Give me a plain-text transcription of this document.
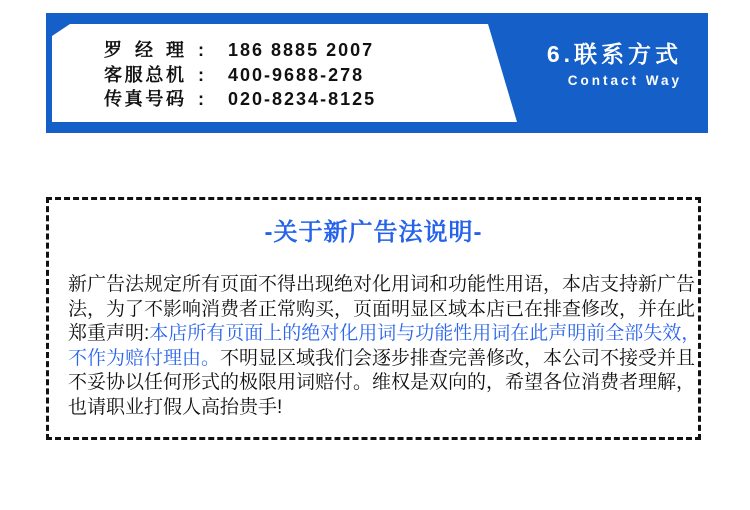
罗经理 : 186 8885 2007
客服总机 : 400-9688-278
传真号码 : 020-8234-8125
6.联系方式
Contact Way
-关于新广告法说明-
新广告法规定所有页面不得出现绝对化用词和功能性用语，本店支持新广告
法，为了不影响消费者正常购买，页面明显区域本店已在排查修改，并在此
郑重声明:本店所有页面上的绝对化用词与功能性用词在此声明前全部失效，
不作为赔付理由。不明显区域我们会逐步排查完善修改，本公司不接受并且
不妥协以任何形式的极限用词赔付。维权是双向的，希望各位消费者理解，
也请职业打假人高抬贵手!
